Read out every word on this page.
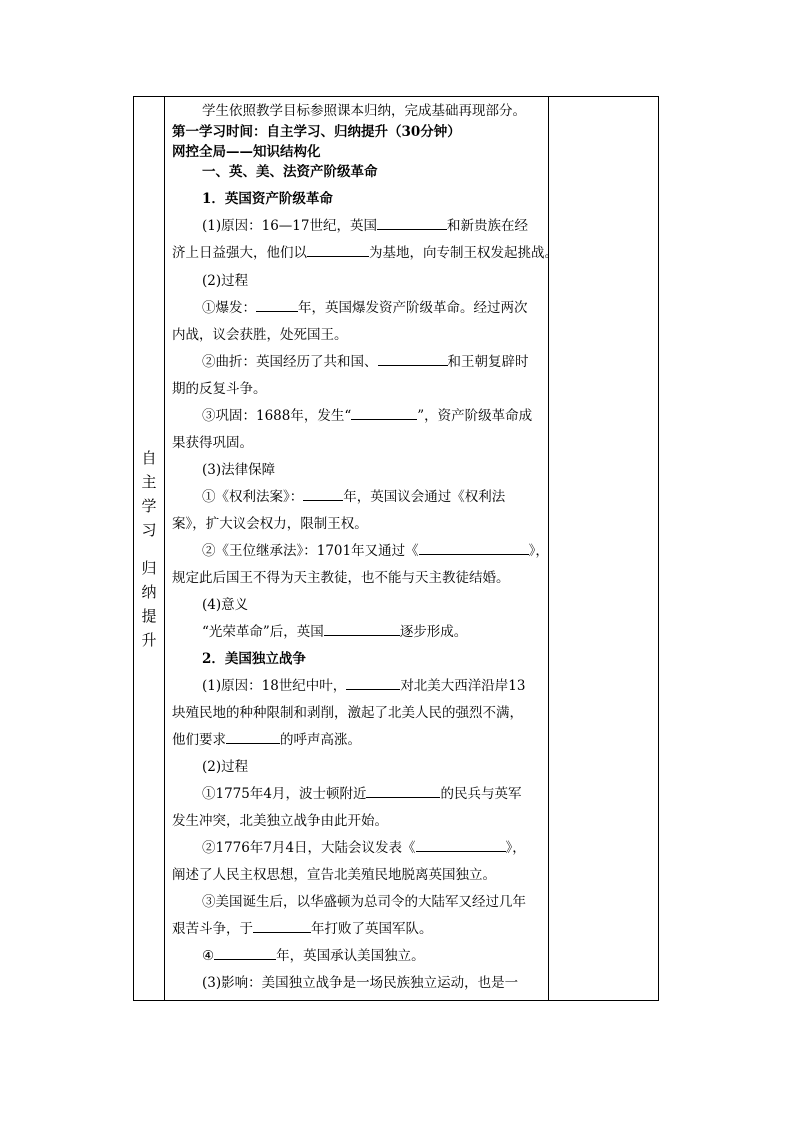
自
主
学
习
归
纳
提
升
学生依照教学目标参照课本归纳，完成基础再现部分。
第一学习时间：自主学习、归纳提升（30分钟）
网控全局——知识结构化
一、英、美、法资产阶级革命
1．英国资产阶级革命
(1)原因：16—17世纪，英国	和新贵族在经
济上日益强大，他们以	为基地，向专制王权发起挑战。
(2)过程
①爆发：	年，英国爆发资产阶级革命。经过两次
内战，议会获胜，处死国王。
②曲折：英国经历了共和国、	和王朝复辟时
期的反复斗争。
③巩固：1688年，发生“	”，资产阶级革命成
果获得巩固。
(3)法律保障
①《权利法案》：	年，英国议会通过《权利法
案》，扩大议会权力，限制王权。
②《王位继承法》：1701年又通过《	》，
规定此后国王不得为天主教徒，也不能与天主教徒结婚。
(4)意义
“光荣革命”后，英国	逐步形成。
2．美国独立战争
(1)原因：18世纪中叶，	对北美大西洋沿岸13
块殖民地的种种限制和剥削，激起了北美人民的强烈不满，
他们要求	的呼声高涨。
(2)过程
①1775年4月，波士顿附近	的民兵与英军
发生冲突，北美独立战争由此开始。
②1776年7月4日，大陆会议发表《	》，
阐述了人民主权思想，宣告北美殖民地脱离英国独立。
③美国诞生后，以华盛顿为总司令的大陆军又经过几年
艰苦斗争，于	年打败了英国军队。
④	年，英国承认美国独立。
(3)影响：美国独立战争是一场民族独立运动，也是一
